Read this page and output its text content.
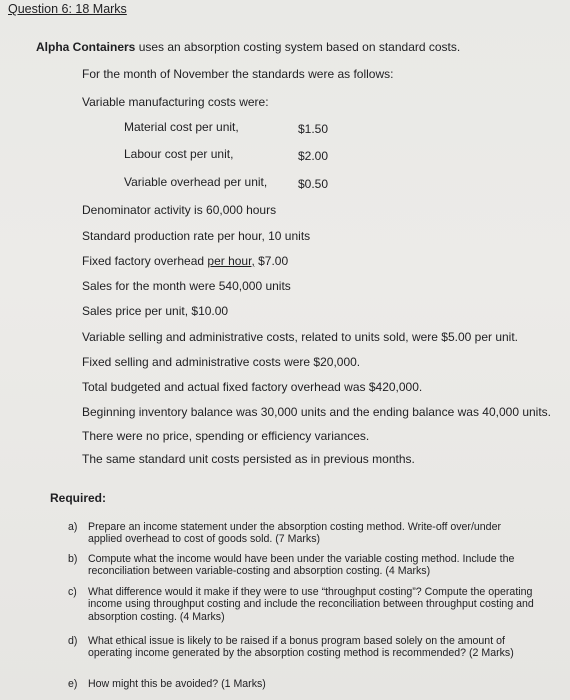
Question 6: 18 Marks
Alpha Containers uses an absorption costing system based on standard costs.
For the month of November the standards were as follows:
Variable manufacturing costs were:
Material cost per unit,	$1.50
Labour cost per unit,	$2.00
Variable overhead per unit,	$0.50
Denominator activity is 60,000 hours
Standard production rate per hour, 10 units
Fixed factory overhead per hour, $7.00
Sales for the month were 540,000 units
Sales price per unit, $10.00
Variable selling and administrative costs, related to units sold, were $5.00 per unit.
Fixed selling and administrative costs were $20,000.
Total budgeted and actual fixed factory overhead was $420,000.
Beginning inventory balance was 30,000 units and the ending balance was 40,000 units.
There were no price, spending or efficiency variances.
The same standard unit costs persisted as in previous months.
Required:
a) Prepare an income statement under the absorption costing method. Write-off over/under applied overhead to cost of goods sold. (7 Marks)
b) Compute what the income would have been under the variable costing method. Include the reconciliation between variable-costing and absorption costing. (4 Marks)
c) What difference would it make if they were to use “throughput costing”? Compute the operating income using throughput costing and include the reconciliation between throughput costing and absorption costing. (4 Marks)
d) What ethical issue is likely to be raised if a bonus program based solely on the amount of operating income generated by the absorption costing method is recommended? (2 Marks)
e) How might this be avoided? (1 Marks)
